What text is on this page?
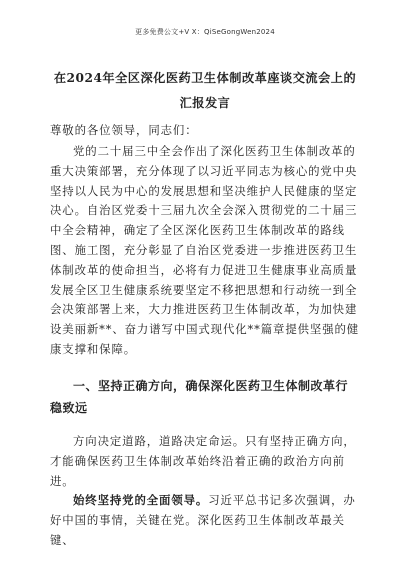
更多免费公文+V X：QiSeGongWen2024
在2024年全区深化医药卫生体制改革座谈交流会上的汇报发言
尊敬的各位领导，同志们：
党的二十届三中全会作出了深化医药卫生体制改革的重大决策部署，充分体现了以习近平同志为核心的党中央坚持以人民为中心的发展思想和坚决维护人民健康的坚定决心。自治区党委十三届九次全会深入贯彻党的二十届三中全会精神，确定了全区深化医药卫生体制改革的路线图、施工图，充分彰显了自治区党委进一步推进医药卫生体制改革的使命担当，必将有力促进卫生健康事业高质量发展全区卫生健康系统要坚定不移把思想和行动统一到全会决策部署上来，大力推进医药卫生体制改革，为加快建设美丽新**、奋力谱写中国式现代化**篇章提供坚强的健康支撑和保障。
一、坚持正确方向，确保深化医药卫生体制改革行稳致远
方向决定道路，道路决定命运。只有坚持正确方向，才能确保医药卫生体制改革始终沿着正确的政治方向前进。
始终坚持党的全面领导。习近平总书记多次强调，办好中国的事情，关键在党。深化医药卫生体制改革最关键、
